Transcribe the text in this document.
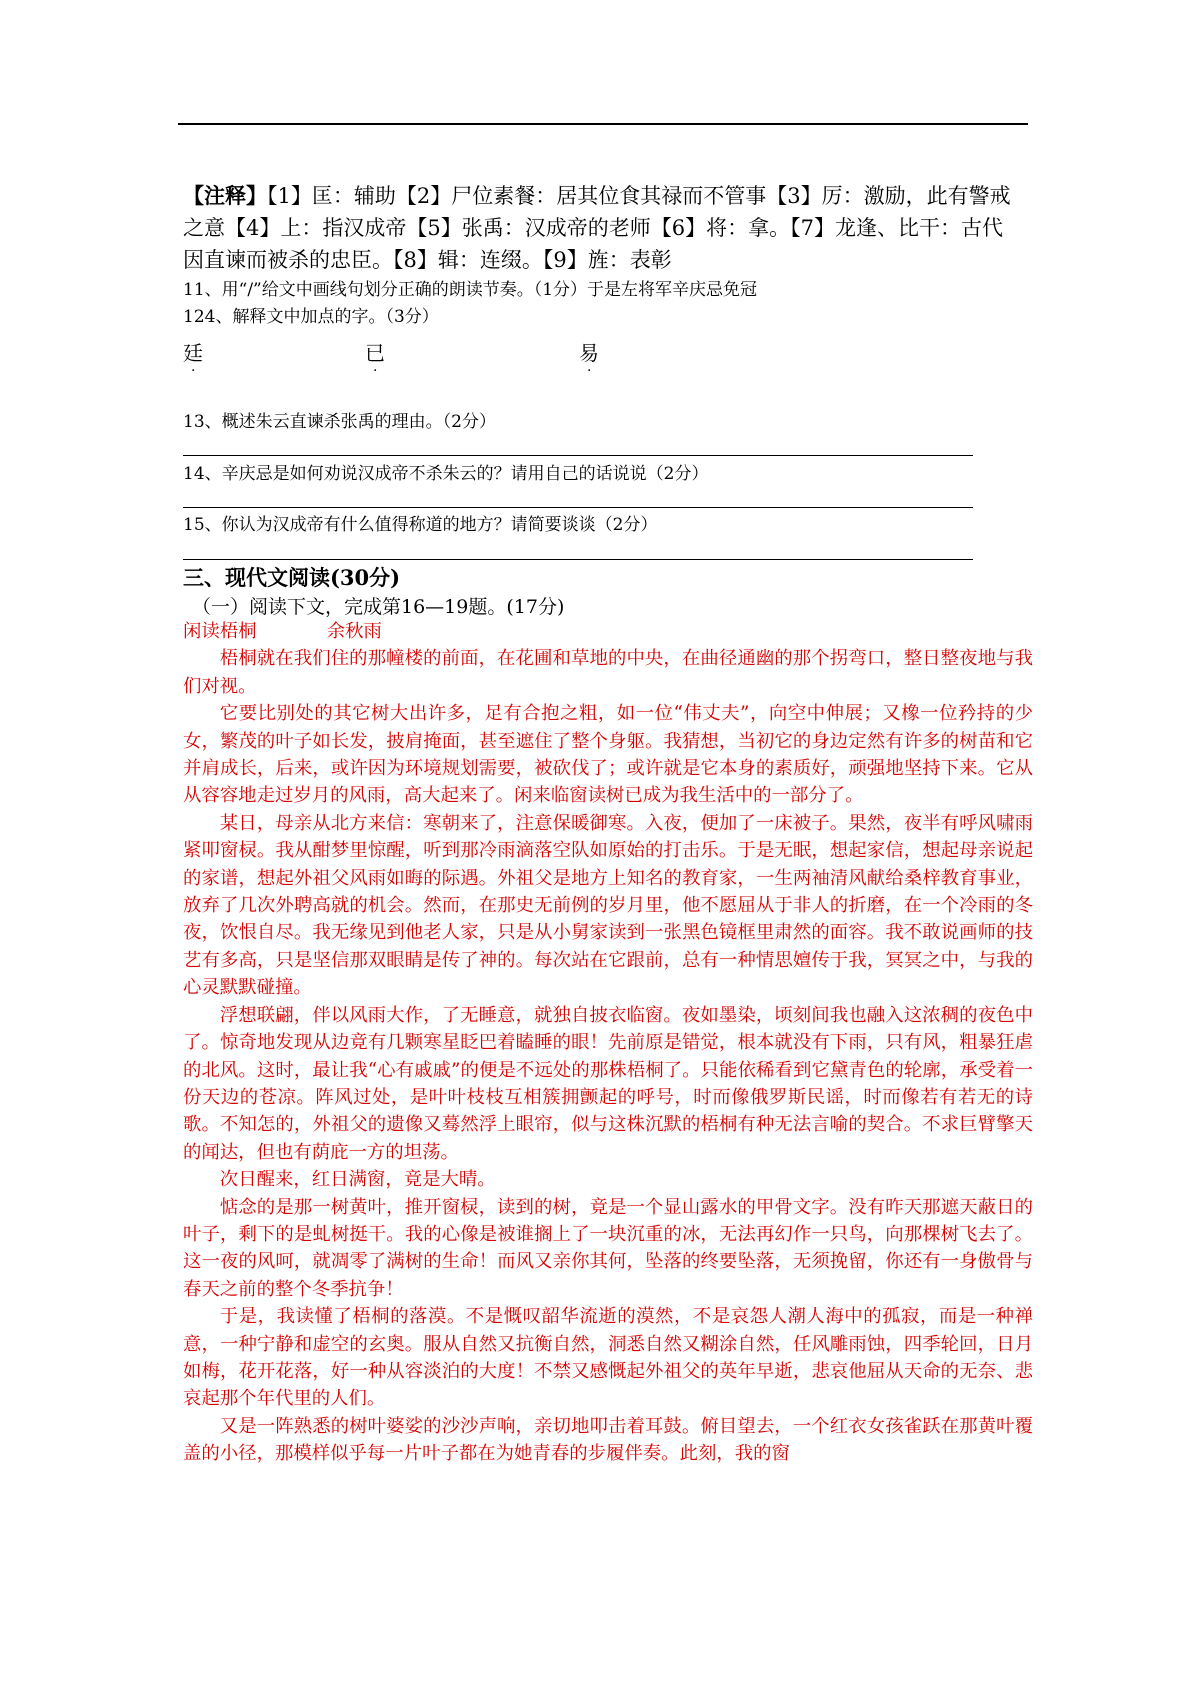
【注释】【1】匡：辅助【2】尸位素餐：居其位食其禄而不管事【3】厉：激励，此有警戒之意【4】上：指汉成帝【5】张禹：汉成帝的老师【6】将：拿。【7】龙逢、比干：古代因直谏而被杀的忠臣。【8】辑：连缀。【9】旌：表彰
11、用“/”给文中画线句划分正确的朗读节奏。（1分）于是左将军辛庆忌免冠
124、解释文中加点的字。（3分）
廷
·
已
·
易
·
13、概述朱云直谏杀张禹的理由。（2分）
14、辛庆忌是如何劝说汉成帝不杀朱云的？请用自己的话说说（2分）
15、你认为汉成帝有什么值得称道的地方？请简要谈谈（2分）
三、现代文阅读(30分)
（一）阅读下文，完成第16—19题。(17分)
闲读梧桐	余秋雨

梧桐就在我们住的那幢楼的前面，在花圃和草地的中央，在曲径通幽的那个拐弯口，整日整夜地与我们对视。

它要比别处的其它树大出许多，足有合抱之粗，如一位“伟丈夫”，向空中伸展；又橡一位矜持的少女，繁茂的叶子如长发，披肩掩面，甚至遮住了整个身躯。我猜想，当初它的身边定然有许多的树苗和它并肩成长，后来，或许因为环境规划需要，被砍伐了；或许就是它本身的素质好，顽强地坚持下来。它从从容容地走过岁月的风雨，高大起来了。闲来临窗读树已成为我生活中的一部分了。

某日，母亲从北方来信：寒朝来了，注意保暖御寒。入夜，便加了一床被子。果然，夜半有呼风啸雨紧叩窗棂。我从酣梦里惊醒，听到那冷雨滴落空队如原始的打击乐。于是无眠，想起家信，想起母亲说起的家谱，想起外祖父风雨如晦的际遇。外祖父是地方上知名的教育家，一生两袖清风献给桑梓教育事业，放弃了几次外聘高就的机会。然而，在那史无前例的岁月里，他不愿屈从于非人的折磨，在一个冷雨的冬夜，饮恨自尽。我无缘见到他老人家，只是从小舅家读到一张黑色镜框里肃然的面容。我不敢说画师的技艺有多高，只是坚信那双眼睛是传了神的。每次站在它跟前，总有一种情思嬗传于我，冥冥之中，与我的心灵默默碰撞。

浮想联翩，伴以风雨大作，了无睡意，就独自披衣临窗。夜如墨染，顷刻间我也融入这浓稠的夜色中了。惊奇地发现从边竟有几颗寒星眨巴着瞌睡的眼！先前原是错觉，根本就没有下雨，只有风，粗暴狂虐的北风。这时，最让我“心有戚戚”的便是不远处的那株梧桐了。只能依稀看到它黛青色的轮廓，承受着一份天边的苍凉。阵风过处，是叶叶枝枝互相簇拥颤起的呼号，时而像俄罗斯民谣，时而像若有若无的诗歌。不知怎的，外祖父的遗像又蓦然浮上眼帘，似与这株沉默的梧桐有种无法言喻的契合。不求巨臂擎天的闻达，但也有荫庇一方的坦荡。

次日醒来，红日满窗，竟是大晴。

惦念的是那一树黄叶，推开窗棂，读到的树，竟是一个显山露水的甲骨文字。没有昨天那遮天蔽日的叶子，剩下的是虬树挺干。我的心像是被谁搁上了一块沉重的冰，无法再幻作一只鸟，向那棵树飞去了。这一夜的风呵，就凋零了满树的生命！而风又亲你其何，坠落的终要坠落，无须挽留，你还有一身傲骨与春天之前的整个冬季抗争！

于是，我读懂了梧桐的落漠。不是慨叹韶华流逝的漠然，不是哀怨人潮人海中的孤寂，而是一种禅意，一种宁静和虚空的玄奥。服从自然又抗衡自然，洞悉自然又糊涂自然，任风雕雨蚀，四季轮回，日月如梅，花开花落，好一种从容淡泊的大度！不禁又感慨起外祖父的英年早逝，悲哀他屈从天命的无奈、悲哀起那个年代里的人们。

又是一阵熟悉的树叶婆娑的沙沙声响，亲切地叩击着耳鼓。俯目望去，一个红衣女孩雀跃在那黄叶覆盖的小径，那模样似乎每一片叶子都在为她青春的步履伴奏。此刻，我的窗
